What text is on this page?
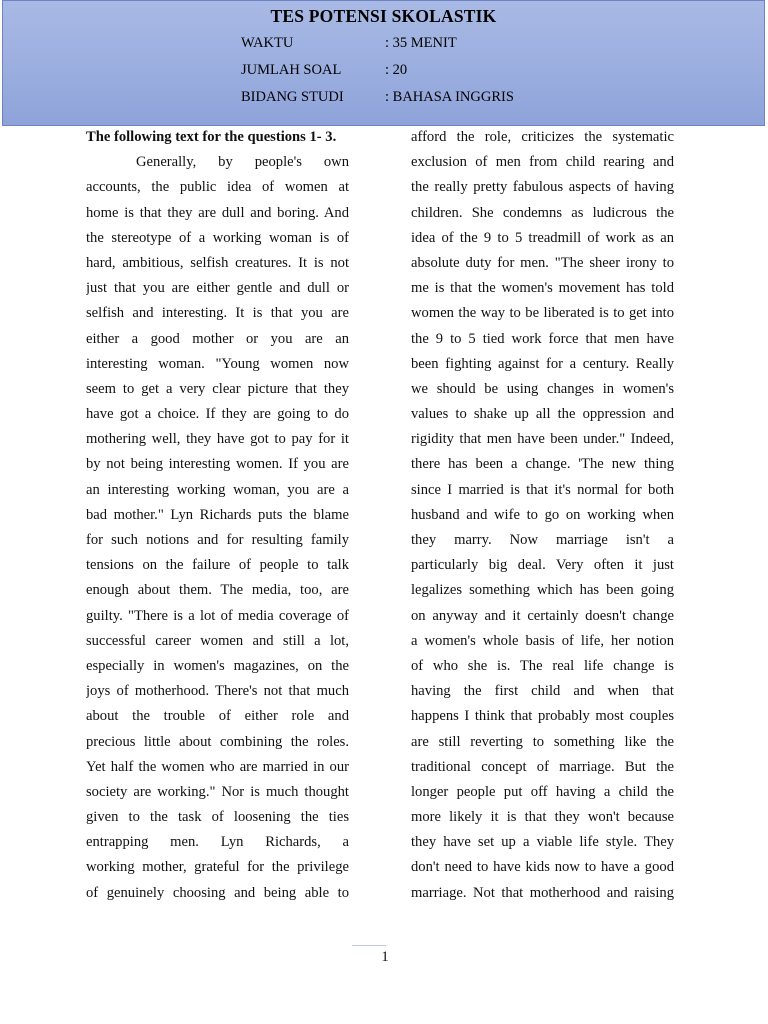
TES POTENSI SKOLASTIK
WAKTU	: 35 MENIT
JUMLAH SOAL	: 20
BIDANG STUDI	: BAHASA INGGRIS
The following text for the questions 1- 3.
Generally, by people's own
accounts, the public idea of women at
home is that they are dull and boring. And
the stereotype of a working woman is of
hard, ambitious, selfish creatures. It is not
just that you are either gentle and dull or
selfish and interesting. It is that you are
either a good mother or you are an
interesting woman. "Young women now
seem to get a very clear picture that they
have got a choice. If they are going to do
mothering well, they have got to pay for it
by not being interesting women. If you are
an interesting working woman, you are a
bad mother." Lyn Richards puts the blame
for such notions and for resulting family
tensions on the failure of people to talk
enough about them. The media, too, are
guilty. "There is a lot of media coverage of
successful career women and still a lot,
especially in women's magazines, on the
joys of motherhood. There's not that much
about the trouble of either role and
precious little about combining the roles.
Yet half the women who are married in our
society are working." Nor is much thought
given to the task of loosening the ties
entrapping men. Lyn Richards, a
working mother, grateful for the privilege
of genuinely choosing and being able to
afford the role, criticizes the systematic
exclusion of men from child rearing and
the really pretty fabulous aspects of having
children. She condemns as ludicrous the
idea of the 9 to 5 treadmill of work as an
absolute duty for men. "The sheer irony to
me is that the women's movement has told
women the way to be liberated is to get into
the 9 to 5 tied work force that men have
been fighting against for a century. Really
we should be using changes in women's
values to shake up all the oppression and
rigidity that men have been under." Indeed,
there has been a change. 'The new thing
since I married is that it's normal for both
husband and wife to go on working when
they marry. Now marriage isn't a
particularly big deal. Very often it just
legalizes something which has been going
on anyway and it certainly doesn't change
a women's whole basis of life, her notion
of who she is. The real life change is
having the first child and when that
happens I think that probably most couples
are still reverting to something like the
traditional concept of marriage. But the
longer people put off having a child the
more likely it is that they won't because
they have set up a viable life style. They
don't need to have kids now to have a good
marriage. Not that motherhood and raising
1
